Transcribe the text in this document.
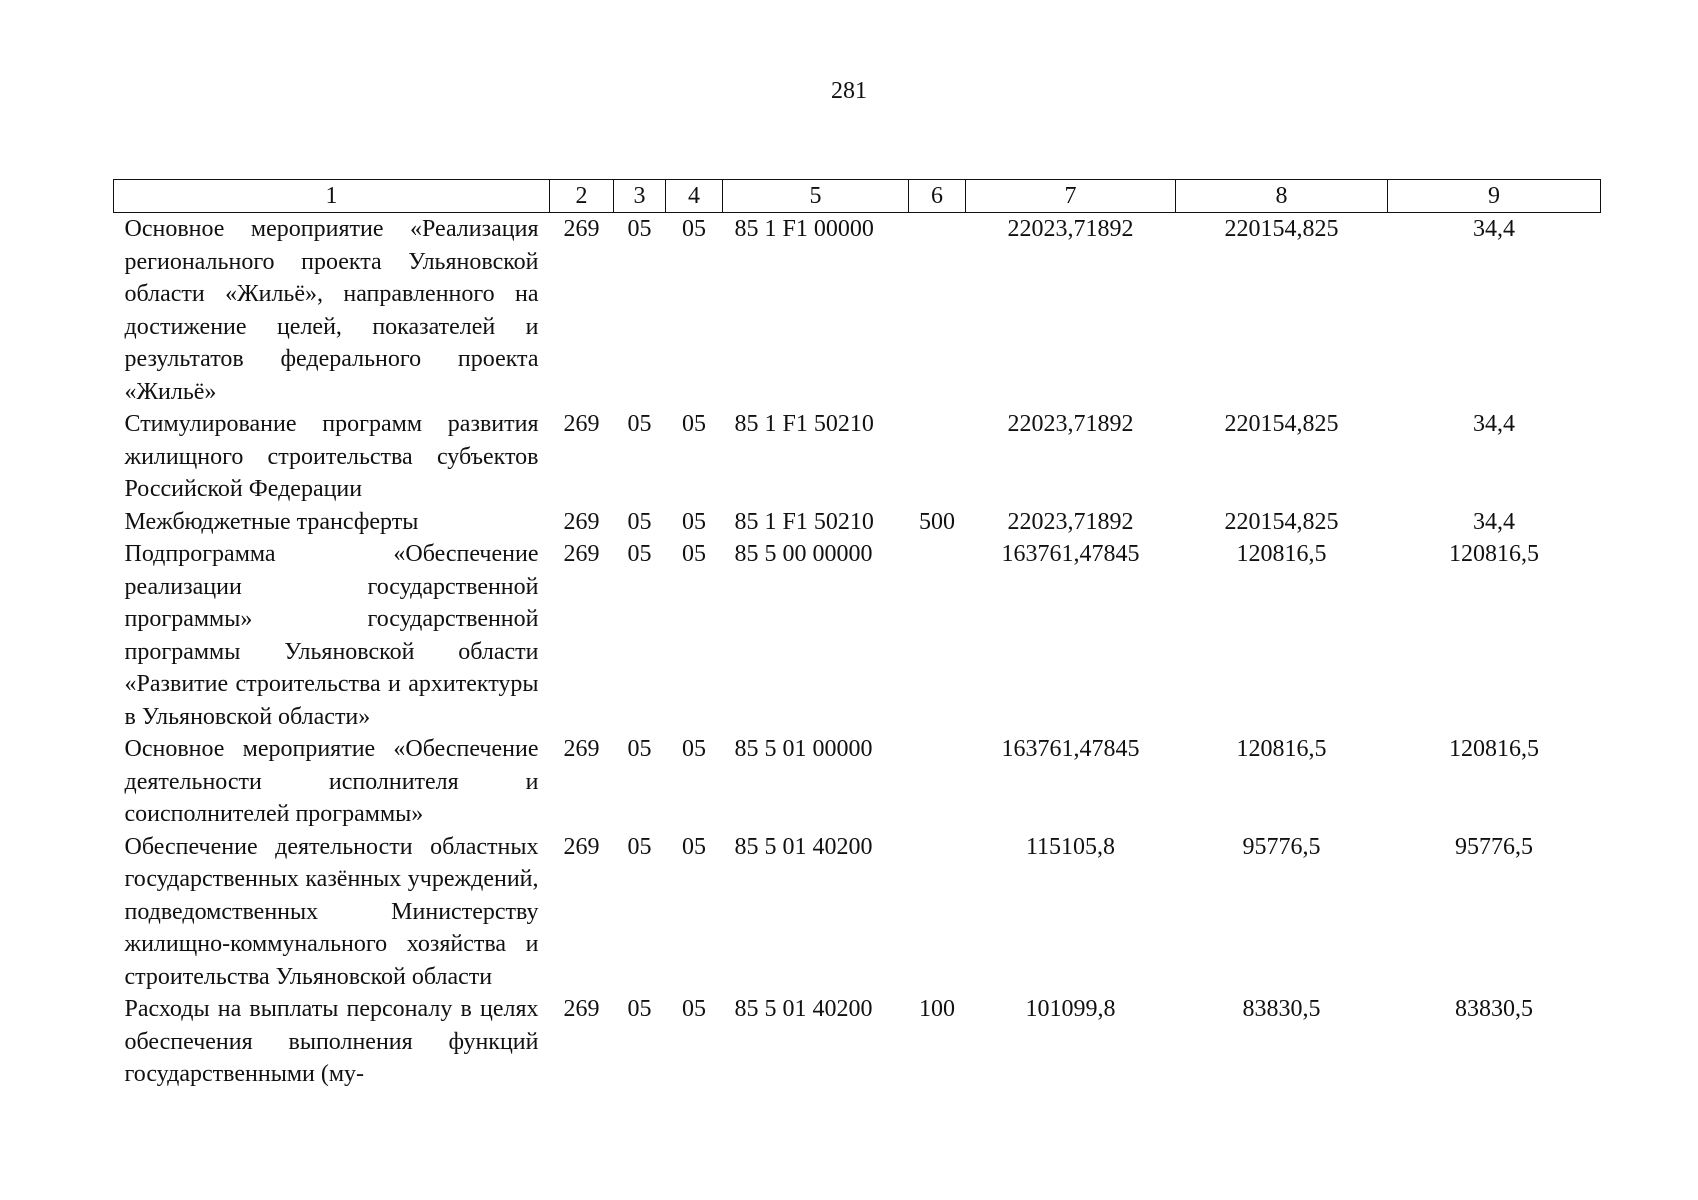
281
1	2	3	4	5	6	7	8	9
Основное мероприятие «Реализация регионального проекта Ульяновской области «Жильё», направленного на достижение целей, показателей и результатов федерального проекта «Жильё»	269	05	05	85 1 F1 00000		22023,71892	220154,825	34,4
Стимулирование программ развития жилищного строительства субъектов Российской Федерации	269	05	05	85 1 F1 50210		22023,71892	220154,825	34,4
Межбюджетные трансферты	269	05	05	85 1 F1 50210	500	22023,71892	220154,825	34,4
Подпрограмма «Обеспечение реализации государственной программы» государственной программы Ульяновской области «Развитие строительства и архитектуры в Ульяновской области»	269	05	05	85 5 00 00000		163761,47845	120816,5	120816,5
Основное мероприятие «Обеспечение деятельности исполнителя и соисполнителей программы»	269	05	05	85 5 01 00000		163761,47845	120816,5	120816,5
Обеспечение деятельности областных государственных казённых учреждений, подведомственных Министерству жилищно-коммунального хозяйства и строительства Ульяновской области	269	05	05	85 5 01 40200		115105,8	95776,5	95776,5
Расходы на выплаты персоналу в целях обеспечения выполнения функций государственными (му-	269	05	05	85 5 01 40200	100	101099,8	83830,5	83830,5
